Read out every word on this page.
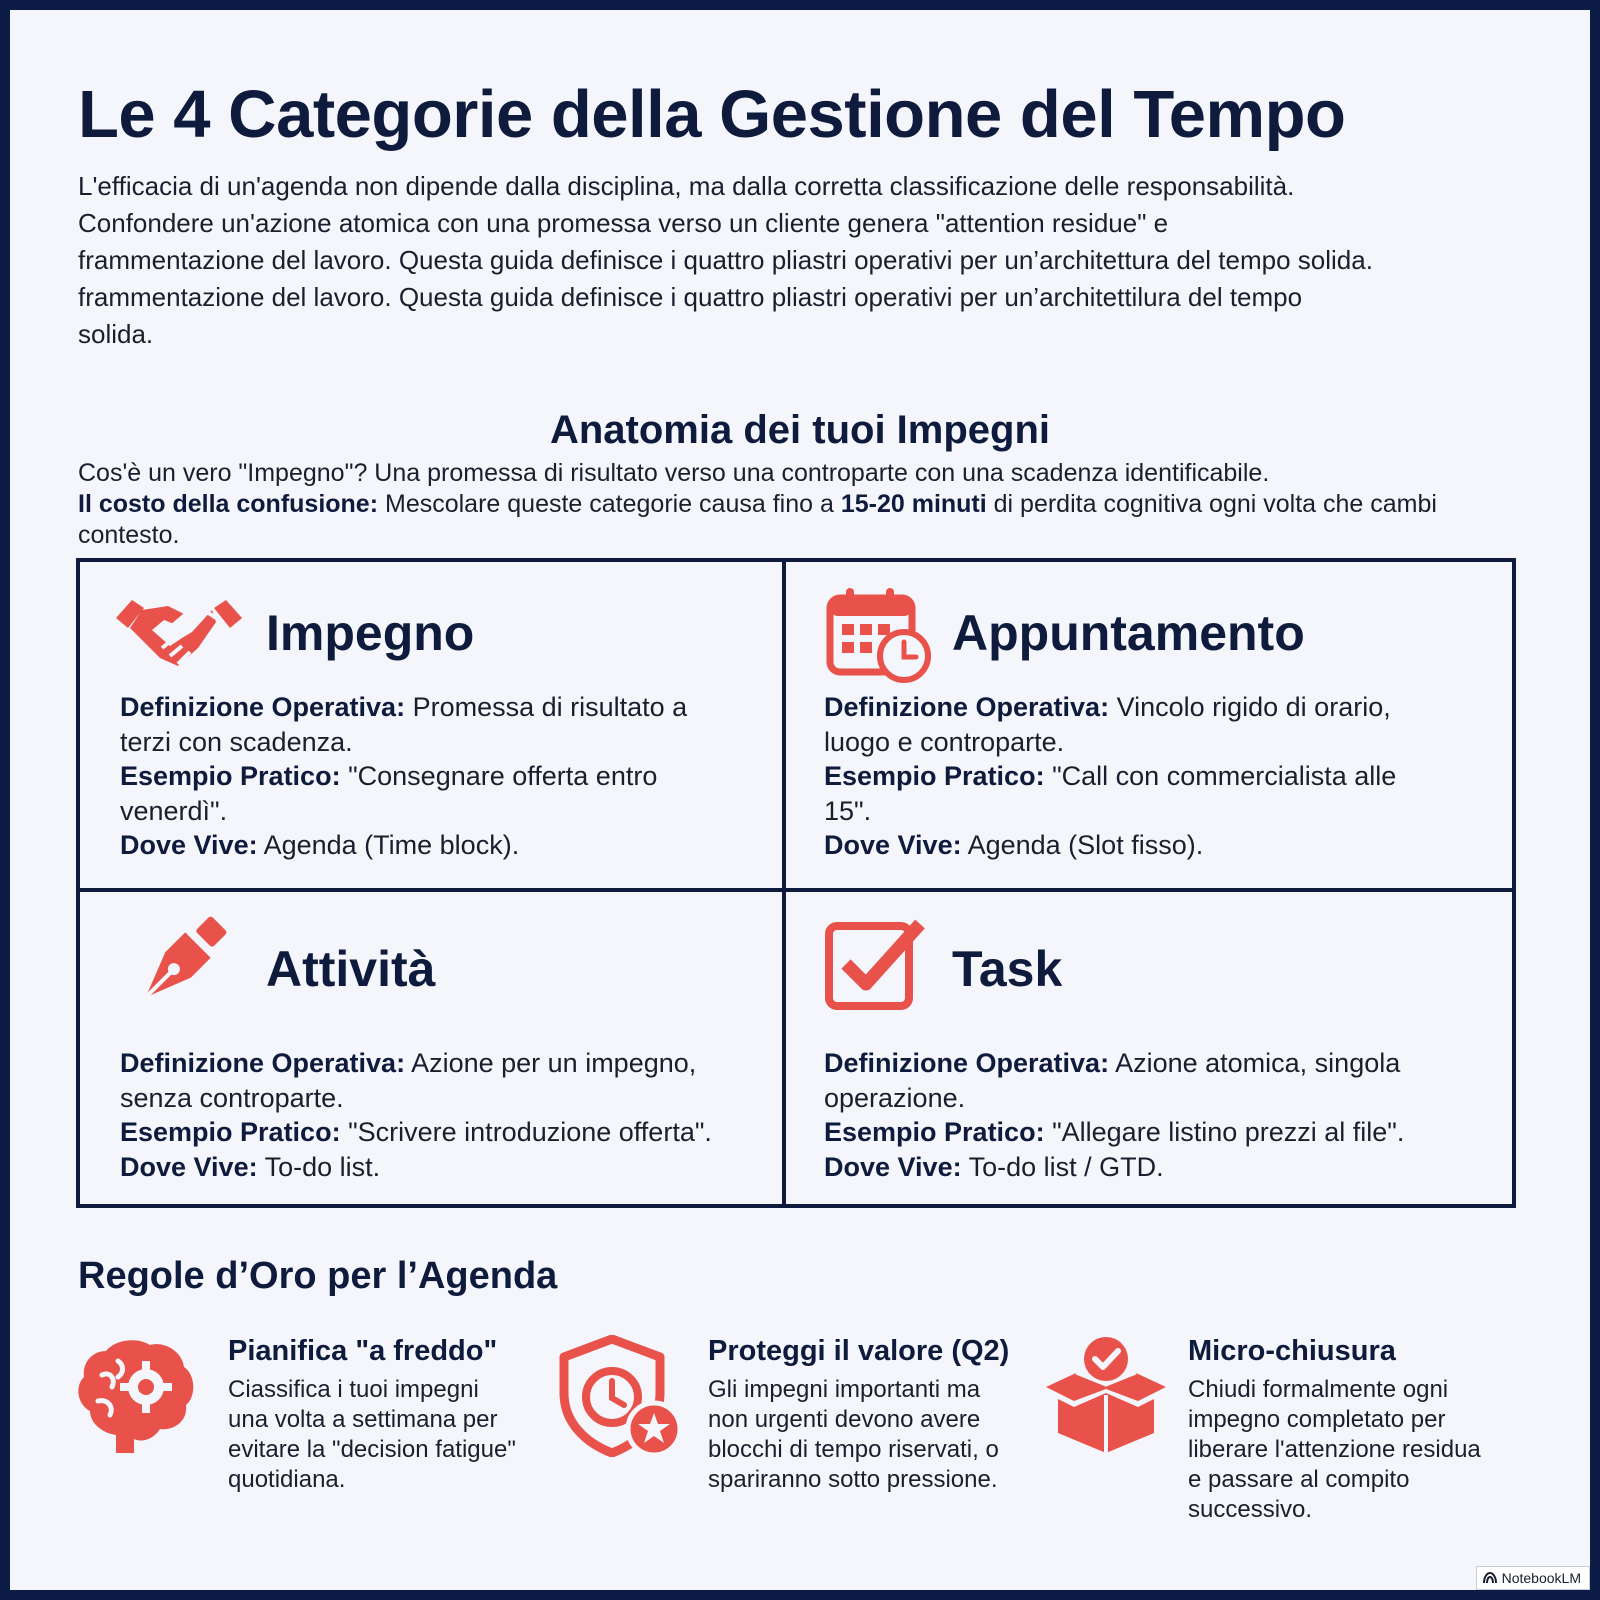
Le 4 Categorie della Gestione del Tempo

L'efficacia di un'agenda non dipende dalla disciplina, ma dalla corretta classificazione delle responsabilità.

Confondere un'azione atomica con una promessa verso un cliente genera "attention residue" e

frammentazione del lavoro. Questa guida definisce i quattro pliastri operativi per un’architettura del tempo solida.

frammentazione del lavoro. Questa guida definisce i quattro pliastri operativi per un’architettilura del tempo

solida.

Anatomia dei tuoi Impegni

Cos'è un vero "Impegno"? Una promessa di risultato verso una controparte con una scadenza identificabile.

Il costo della confusione: Mescolare queste categorie causa fino a 15-20 minuti di perdita cognitiva ogni volta che cambi contesto.

Impegno

Definizione Operativa: Promessa di risultato a

terzi con scadenza.

Esempio Pratico: "Consegnare offerta entro

venerdì".

Dove Vive: Agenda (Time block).

Appuntamento

Definizione Operativa: Vincolo rigido di orario,

luogo e controparte.

Esempio Pratico: "Call con commercialista alle

15".

Dove Vive: Agenda (Slot fisso).

Attività

Definizione Operativa: Azione per un impegno,

senza controparte.

Esempio Pratico: "Scrivere introduzione offerta".

Dove Vive: To-do list.

Task

Definizione Operativa: Azione atomica, singola

operazione.

Esempio Pratico: "Allegare listino prezzi al file".

Dove Vive: To-do list / GTD.

Regole d’Oro per l’Agenda
Pianifica "a freddo"
Ciassifica i tuoi impegni
una volta a settimana per
evitare la "decision fatigue"
quotidiana.
Proteggi il valore (Q2)
Gli impegni importanti ma
non urgenti devono avere
blocchi di tempo riservati, o
spariranno sotto pressione.
Micro-chiusura
Chiudi formalmente ogni
impegno completato per
liberare l'attenzione residua
e passare al compito
successivo.
NotebookLM
